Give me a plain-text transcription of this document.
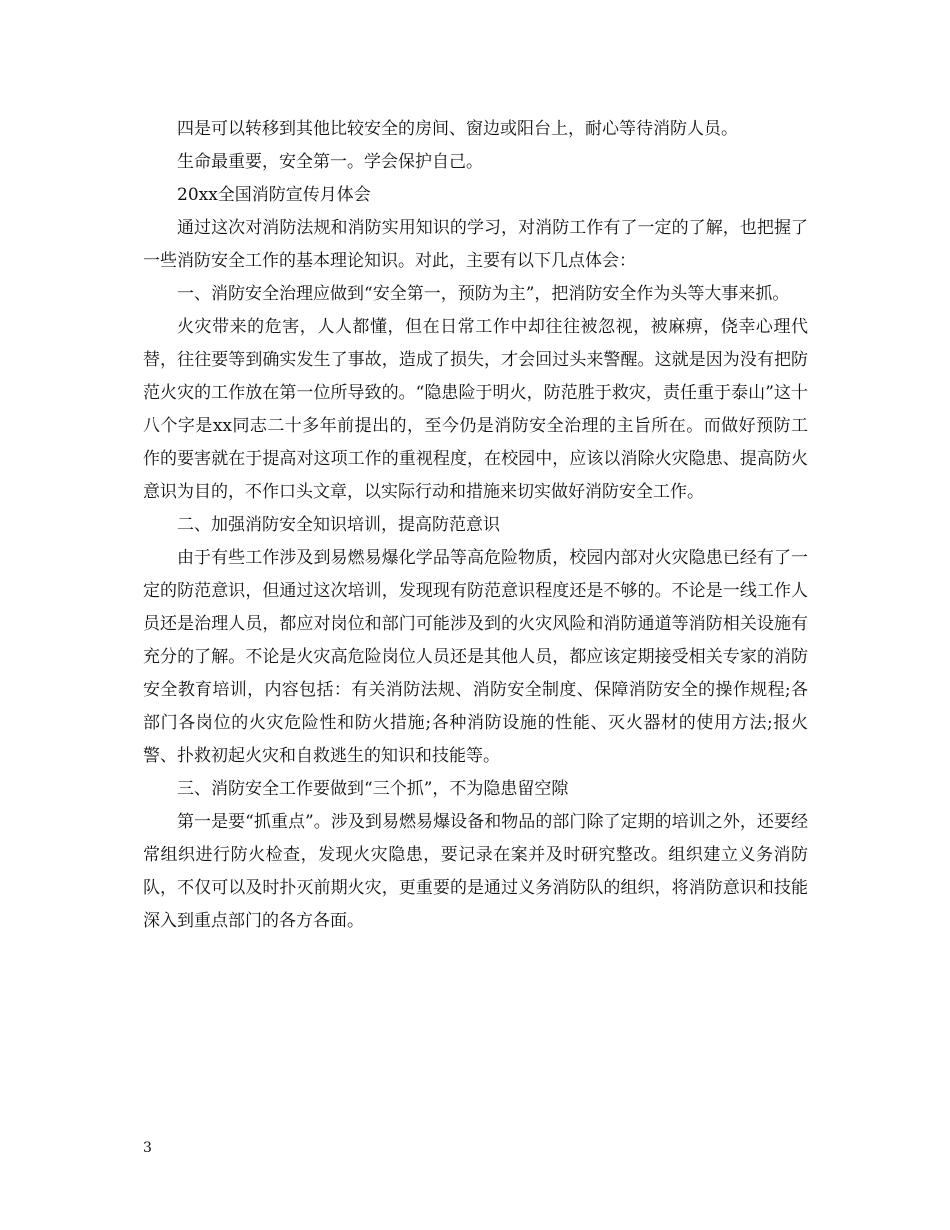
四是可以转移到其他比较安全的房间、窗边或阳台上，耐心等待消防人员。

生命最重要，安全第一。学会保护自己。

20xx全国消防宣传月体会

通过这次对消防法规和消防实用知识的学习，对消防工作有了一定的了解，也把握了一些消防安全工作的基本理论知识。对此，主要有以下几点体会：

一、消防安全治理应做到“安全第一，预防为主”，把消防安全作为头等大事来抓。

火灾带来的危害，人人都懂，但在日常工作中却往往被忽视，被麻痹，侥幸心理代替，往往要等到确实发生了事故，造成了损失，才会回过头来警醒。这就是因为没有把防范火灾的工作放在第一位所导致的。“隐患险于明火，防范胜于救灾，责任重于泰山”这十八个字是xx同志二十多年前提出的，至今仍是消防安全治理的主旨所在。而做好预防工作的要害就在于提高对这项工作的重视程度，在校园中，应该以消除火灾隐患、提高防火意识为目的，不作口头文章，以实际行动和措施来切实做好消防安全工作。

二、加强消防安全知识培训，提高防范意识

由于有些工作涉及到易燃易爆化学品等高危险物质，校园内部对火灾隐患已经有了一定的防范意识，但通过这次培训，发现现有防范意识程度还是不够的。不论是一线工作人员还是治理人员，都应对岗位和部门可能涉及到的火灾风险和消防通道等消防相关设施有充分的了解。不论是火灾高危险岗位人员还是其他人员，都应该定期接受相关专家的消防安全教育培训，内容包括：有关消防法规、消防安全制度、保障消防安全的操作规程;各部门各岗位的火灾危险性和防火措施;各种消防设施的性能、灭火器材的使用方法;报火警、扑救初起火灾和自救逃生的知识和技能等。

三、消防安全工作要做到“三个抓”，不为隐患留空隙

第一是要“抓重点”。涉及到易燃易爆设备和物品的部门除了定期的培训之外，还要经常组织进行防火检查，发现火灾隐患，要记录在案并及时研究整改。组织建立义务消防队，不仅可以及时扑灭前期火灾，更重要的是通过义务消防队的组织，将消防意识和技能深入到重点部门的各方各面。

3
